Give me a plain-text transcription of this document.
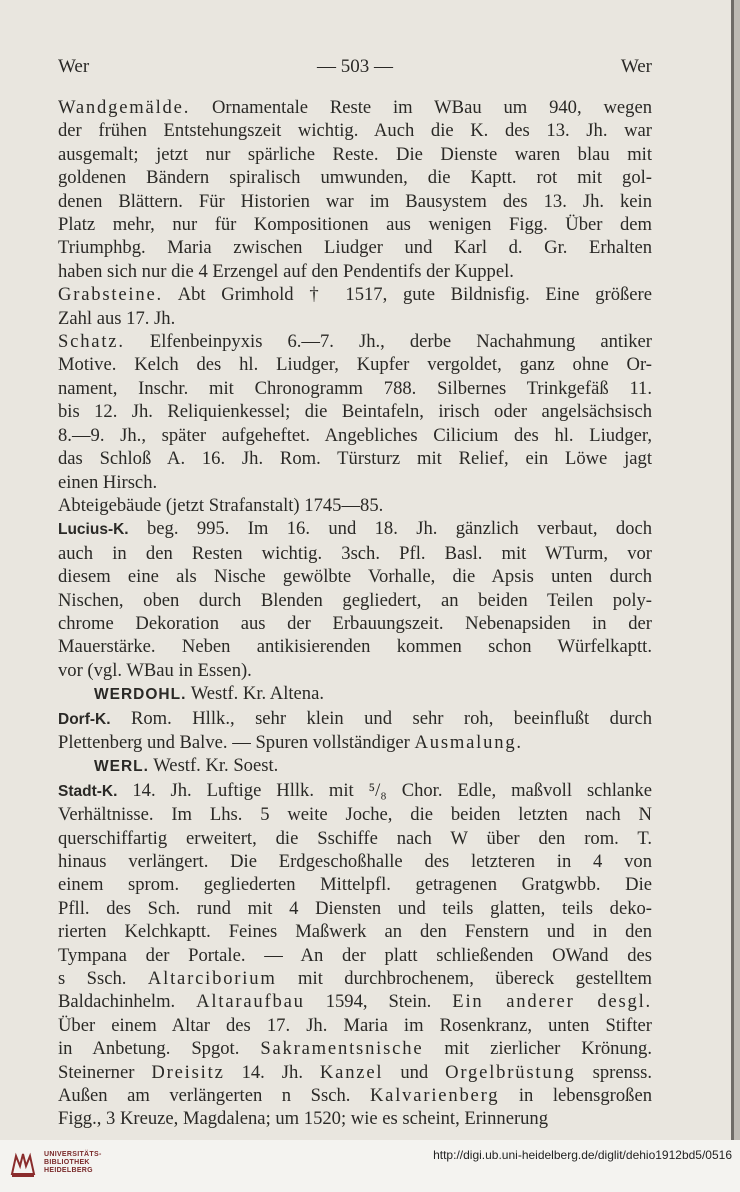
Wer	— 503 —	Wer
Wandgemälde. Ornamentale Reste im WBau um 940, wegen
der frühen Entstehungszeit wichtig. Auch die K. des 13. Jh. war
ausgemalt; jetzt nur spärliche Reste. Die Dienste waren blau mit
goldenen Bändern spiralisch umwunden, die Kaptt. rot mit gol-
denen Blättern. Für Historien war im Bausystem des 13. Jh. kein
Platz mehr, nur für Kompositionen aus wenigen Figg. Über dem
Triumphbg. Maria zwischen Liudger und Karl d. Gr. Erhalten
haben sich nur die 4 Erzengel auf den Pendentifs der Kuppel.
Grabsteine. Abt Grimhold † 1517, gute Bildnisfig. Eine größere
Zahl aus 17. Jh.
Schatz. Elfenbeinpyxis 6.—7. Jh., derbe Nachahmung antiker
Motive. Kelch des hl. Liudger, Kupfer vergoldet, ganz ohne Or-
nament, Inschr. mit Chronogramm 788. Silbernes Trinkgefäß 11.
bis 12. Jh. Reliquienkessel; die Beintafeln, irisch oder angelsächsisch
8.—9. Jh., später aufgeheftet. Angebliches Cilicium des hl. Liudger,
das Schloß A. 16. Jh. Rom. Türsturz mit Relief, ein Löwe jagt
einen Hirsch.
Abteigebäude (jetzt Strafanstalt) 1745—85.
Lucius-K. beg. 995. Im 16. und 18. Jh. gänzlich verbaut, doch
auch in den Resten wichtig. 3sch. Pfl. Basl. mit WTurm, vor
diesem eine als Nische gewölbte Vorhalle, die Apsis unten durch
Nischen, oben durch Blenden gegliedert, an beiden Teilen poly-
chrome Dekoration aus der Erbauungszeit. Nebenapsiden in der
Mauerstärke. Neben antikisierenden kommen schon Würfelkaptt.
vor (vgl. WBau in Essen).
WERDOHL. Westf. Kr. Altena.
Dorf-K. Rom. Hllk., sehr klein und sehr roh, beeinflußt durch
Plettenberg und Balve. — Spuren vollständiger Ausmalung.
WERL. Westf. Kr. Soest.
Stadt-K. 14. Jh. Luftige Hllk. mit ⁵/₈ Chor. Edle, maßvoll schlanke
Verhältnisse. Im Lhs. 5 weite Joche, die beiden letzten nach N
querschiffartig erweitert, die Sschiffe nach W über den rom. T.
hinaus verlängert. Die Erdgeschoßhalle des letzteren in 4 von
einem sprom. gegliederten Mittelpfl. getragenen Gratgwbb. Die
Pfll. des Sch. rund mit 4 Diensten und teils glatten, teils deko-
rierten Kelchkaptt. Feines Maßwerk an den Fenstern und in den
Tympana der Portale. — An der platt schließenden OWand des
s Ssch. Altarciborium mit durchbrochenem, übereck gestelltem
Baldachinhelm. Altaraufbau 1594, Stein. Ein anderer desgl.
Über einem Altar des 17. Jh. Maria im Rosenkranz, unten Stifter
in Anbetung. Spgot. Sakramentsnische mit zierlicher Krönung.
Steinerner Dreisitz 14. Jh. Kanzel und Orgelbrüstung sprenss.
Außen am verlängerten n Ssch. Kalvarienberg in lebensgroßen
Figg., 3 Kreuze, Magdalena; um 1520; wie es scheint, Erinnerung
UNIVERSITÄTS-
BIBLIOTHEK
HEIDELBERG
http://digi.ub.uni-heidelberg.de/diglit/dehio1912bd5/0516
